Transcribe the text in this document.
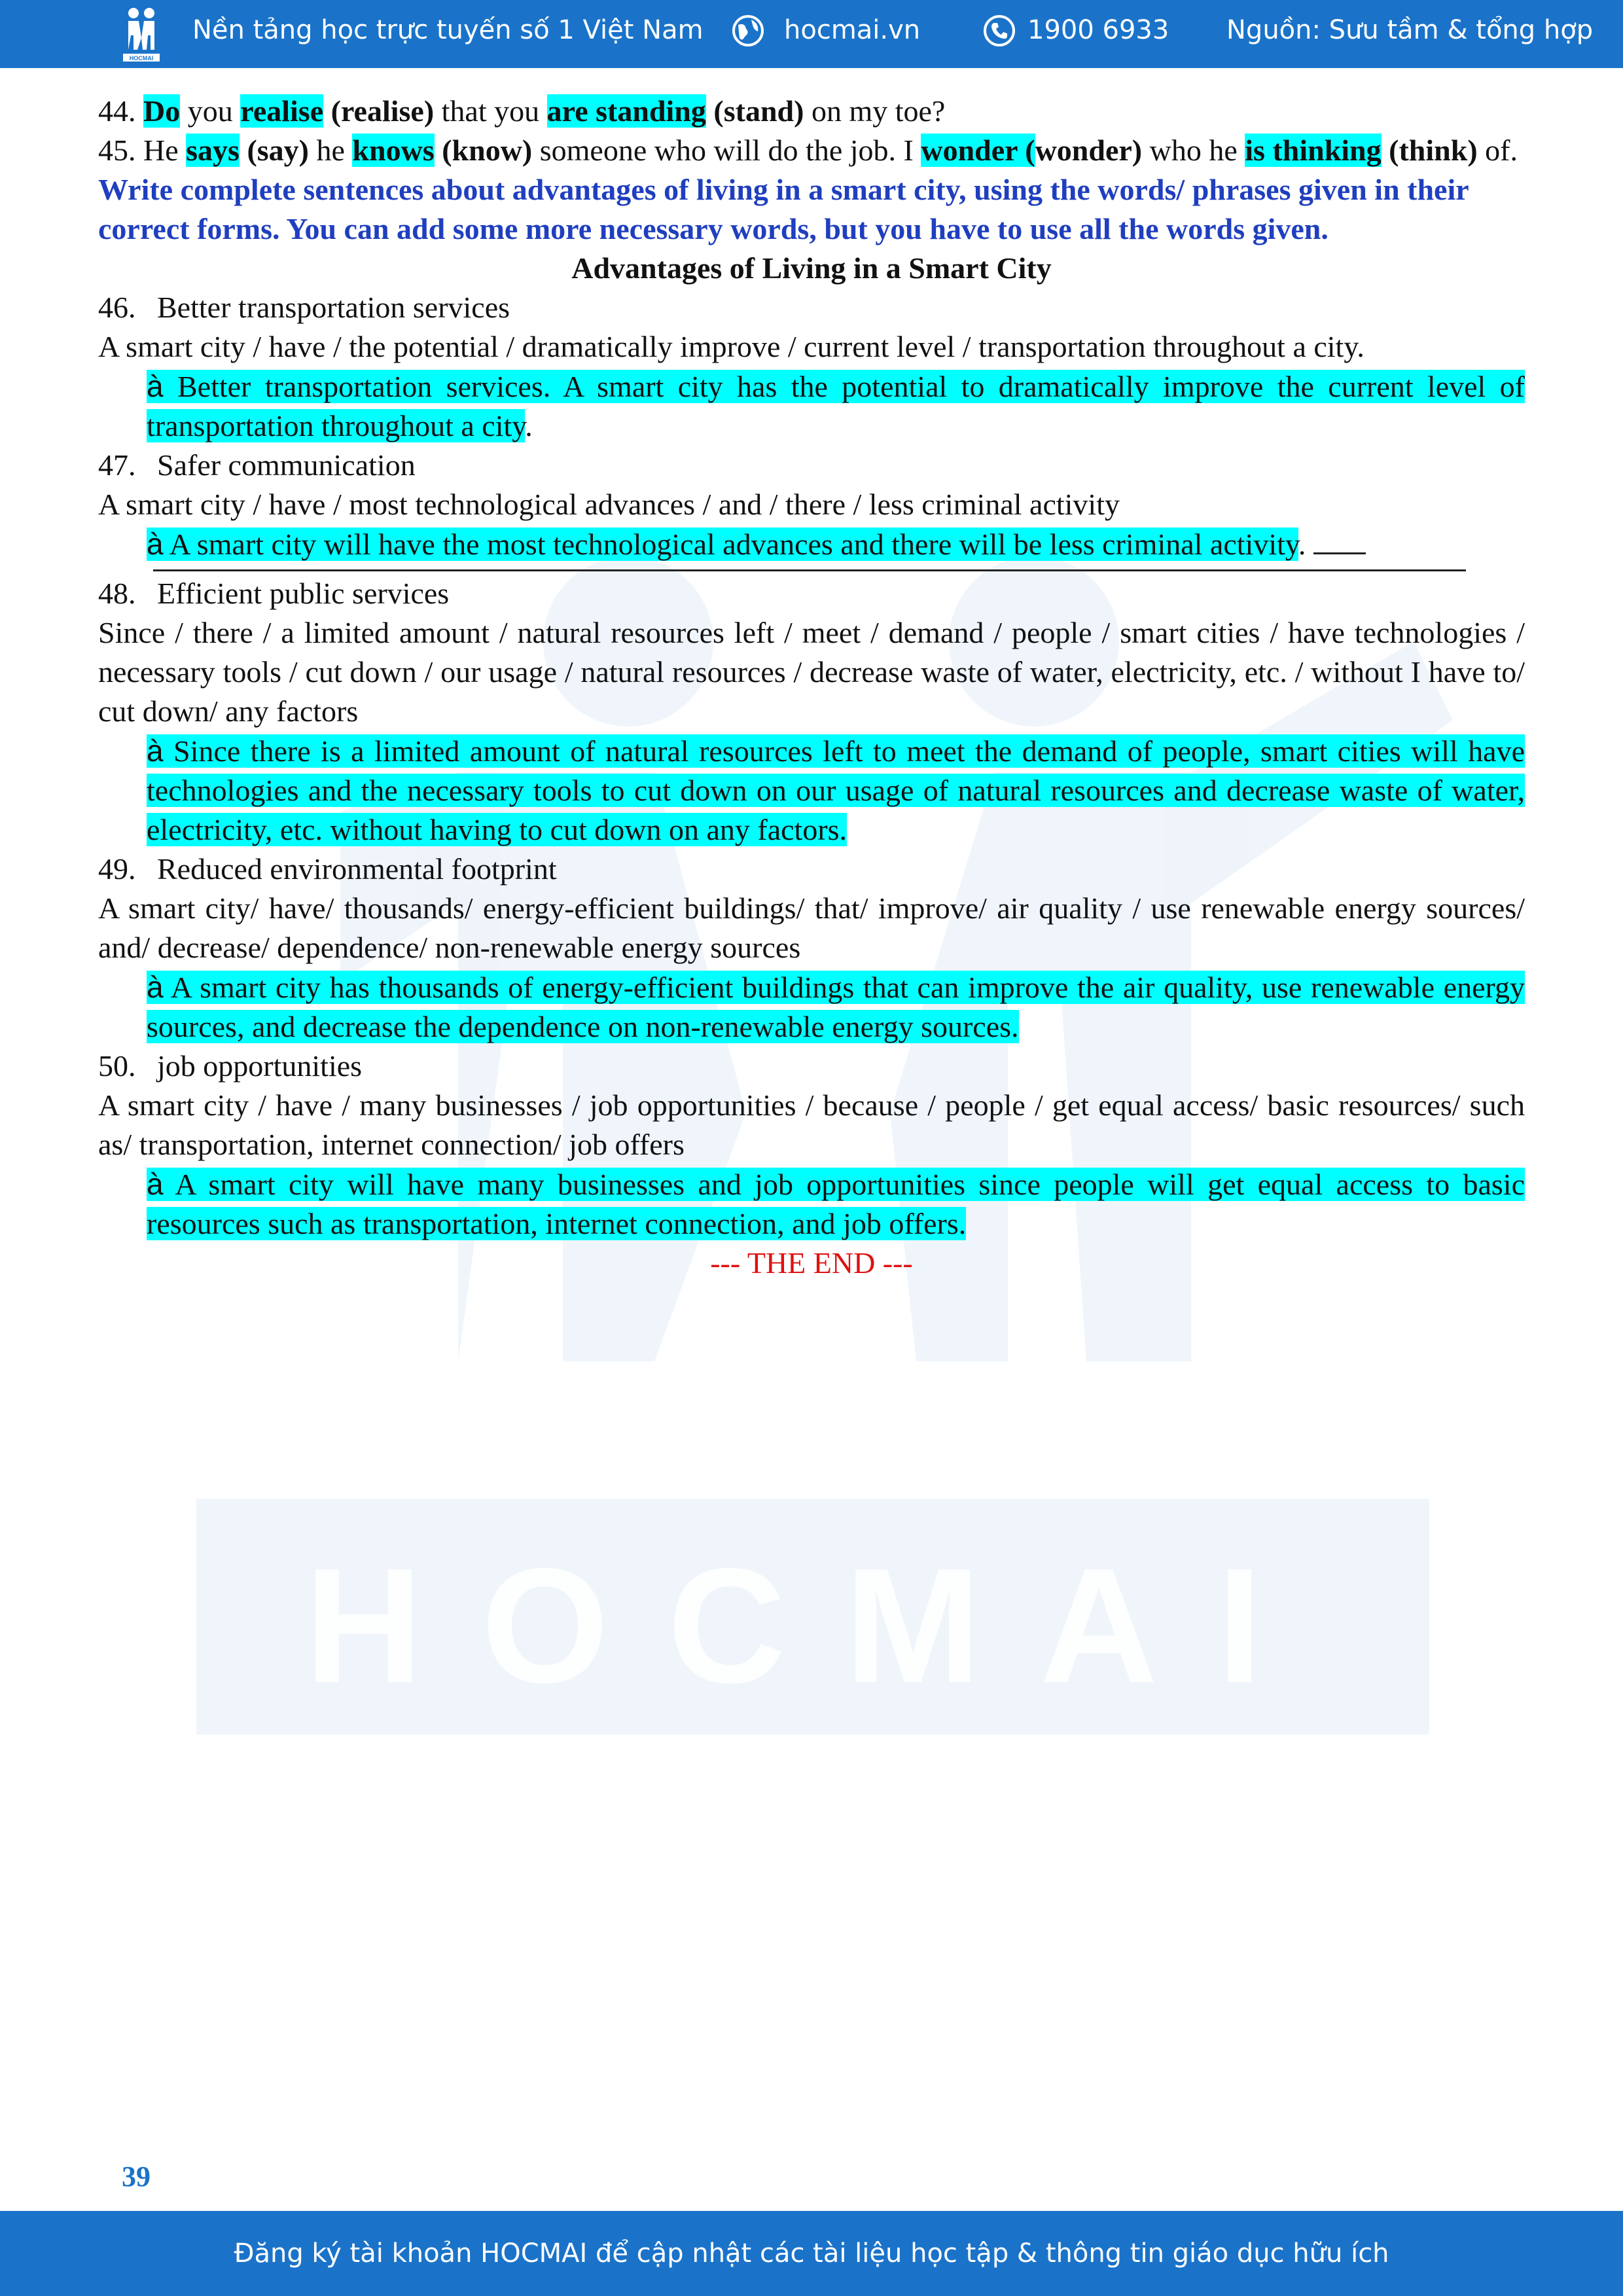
HOCMAI
HOCMAI
Nền tảng học trực tuyến số 1 Việt Nam	hocmai.vn	1900 6933 Nguồn: Sưu tầm & tổng hợp

44. Do you realise (realise) that you are standing (stand) on my toe?

45. He says (say) he knows (know) someone who will do the job. I wonder (wonder) who he is thinking (think) of.

Write complete sentences about advantages of living in a smart city, using the words/ phrases given in their correct forms. You can add some more necessary words, but you have to use all the words given.

Advantages of Living in a Smart City

46. Better transportation services

A smart city / have / the potential / dramatically improve / current level / transportation throughout a city.

à Better transportation services. A smart city has the potential to dramatically improve the current level of transportation throughout a city.

47. Safer communication

A smart city / have / most technological advances / and / there / less criminal activity

à A smart city will have the most technological advances and there will be less criminal activity.

48. Efficient public services

Since / there / a limited amount / natural resources left / meet / demand / people / smart cities / have technologies / necessary tools / cut down / our usage / natural resources / decrease waste of water, electricity, etc. / without I have to/ cut down/ any factors

à Since there is a limited amount of natural resources left to meet the demand of people, smart cities will have technologies and the necessary tools to cut down on our usage of natural resources and decrease waste of water, electricity, etc. without having to cut down on any factors.

49. Reduced environmental footprint

A smart city/ have/ thousands/ energy-efficient buildings/ that/ improve/ air quality / use renewable energy sources/ and/ decrease/ dependence/ non-renewable energy sources

à A smart city has thousands of energy-efficient buildings that can improve the air quality, use renewable energy sources, and decrease the dependence on non-renewable energy sources.

50. job opportunities

A smart city / have / many businesses / job opportunities / because / people / get equal access/ basic resources/ such as/ transportation, internet connection/ job offers

à A smart city will have many businesses and job opportunities since people will get equal access to basic resources such as transportation, internet connection, and job offers.

--- THE END ---

39
Đăng ký tài khoản HOCMAI để cập nhật các tài liệu học tập & thông tin giáo dục hữu ích
